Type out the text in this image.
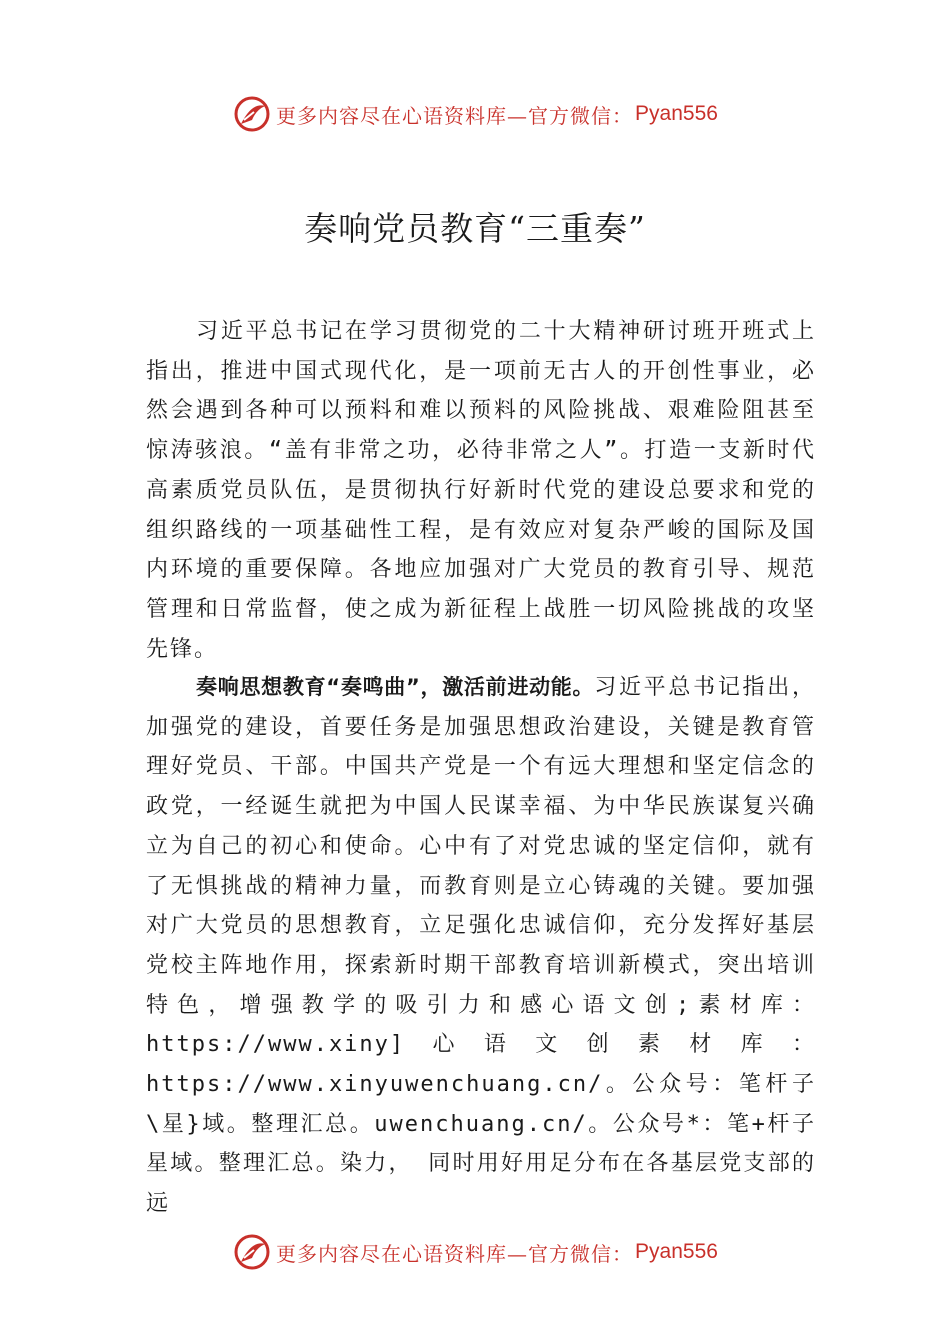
更多内容尽在心语资料库— 官方微信： Pyan556
奏响党员教育“三重奏”

习近平总书记在学习贯彻党的二十大精神研讨班开班式上指出，推进中国式现代化，是一项前无古人的开创性事业，必然会遇到各种可以预料和难以预料的风险挑战、艰难险阻甚至惊涛骇浪。“盖有非常之功，必待非常之人”。打造一支新时代高素质党员队伍，是贯彻执行好新时代党的建设总要求和党的组织路线的一项基础性工程，是有效应对复杂严峻的国际及国内环境的重要保障。各地应加强对广大党员的教育引导、规范管理和日常监督，使之成为新征程上战胜一切风险挑战的攻坚先锋。

奏响思想教育“奏鸣曲”，激活前进动能。习近平总书记指出，加强党的建设，首要任务是加强思想政治建设，关键是教育管理好党员、干部。中国共产党是一个有远大理想和坚定信念的政党，一经诞生就把为中国人民谋幸福、为中华民族谋复兴确立为自己的初心和使命。心中有了对党忠诚的坚定信仰，就有了无惧挑战的精神力量，而教育则是立心铸魂的关键。要加强对广大党员的思想教育，立足强化忠诚信仰，充分发挥好基层党校主阵地作用，探索新时期干部教育培训新模式，突出培训特色，增强教学的吸引力和感心语文创;素材库：https://www.xiny]心语文创素材库：https://www.xinyuwenchuang.cn/。公众号：笔杆子\星}域。整理汇总。uwenchuang.cn/。公众号*：笔+杆子星域。整理汇总。染力， 同时用好用足分布在各基层党支部的远

更多内容尽在心语资料库— 官方微信： Pyan556
